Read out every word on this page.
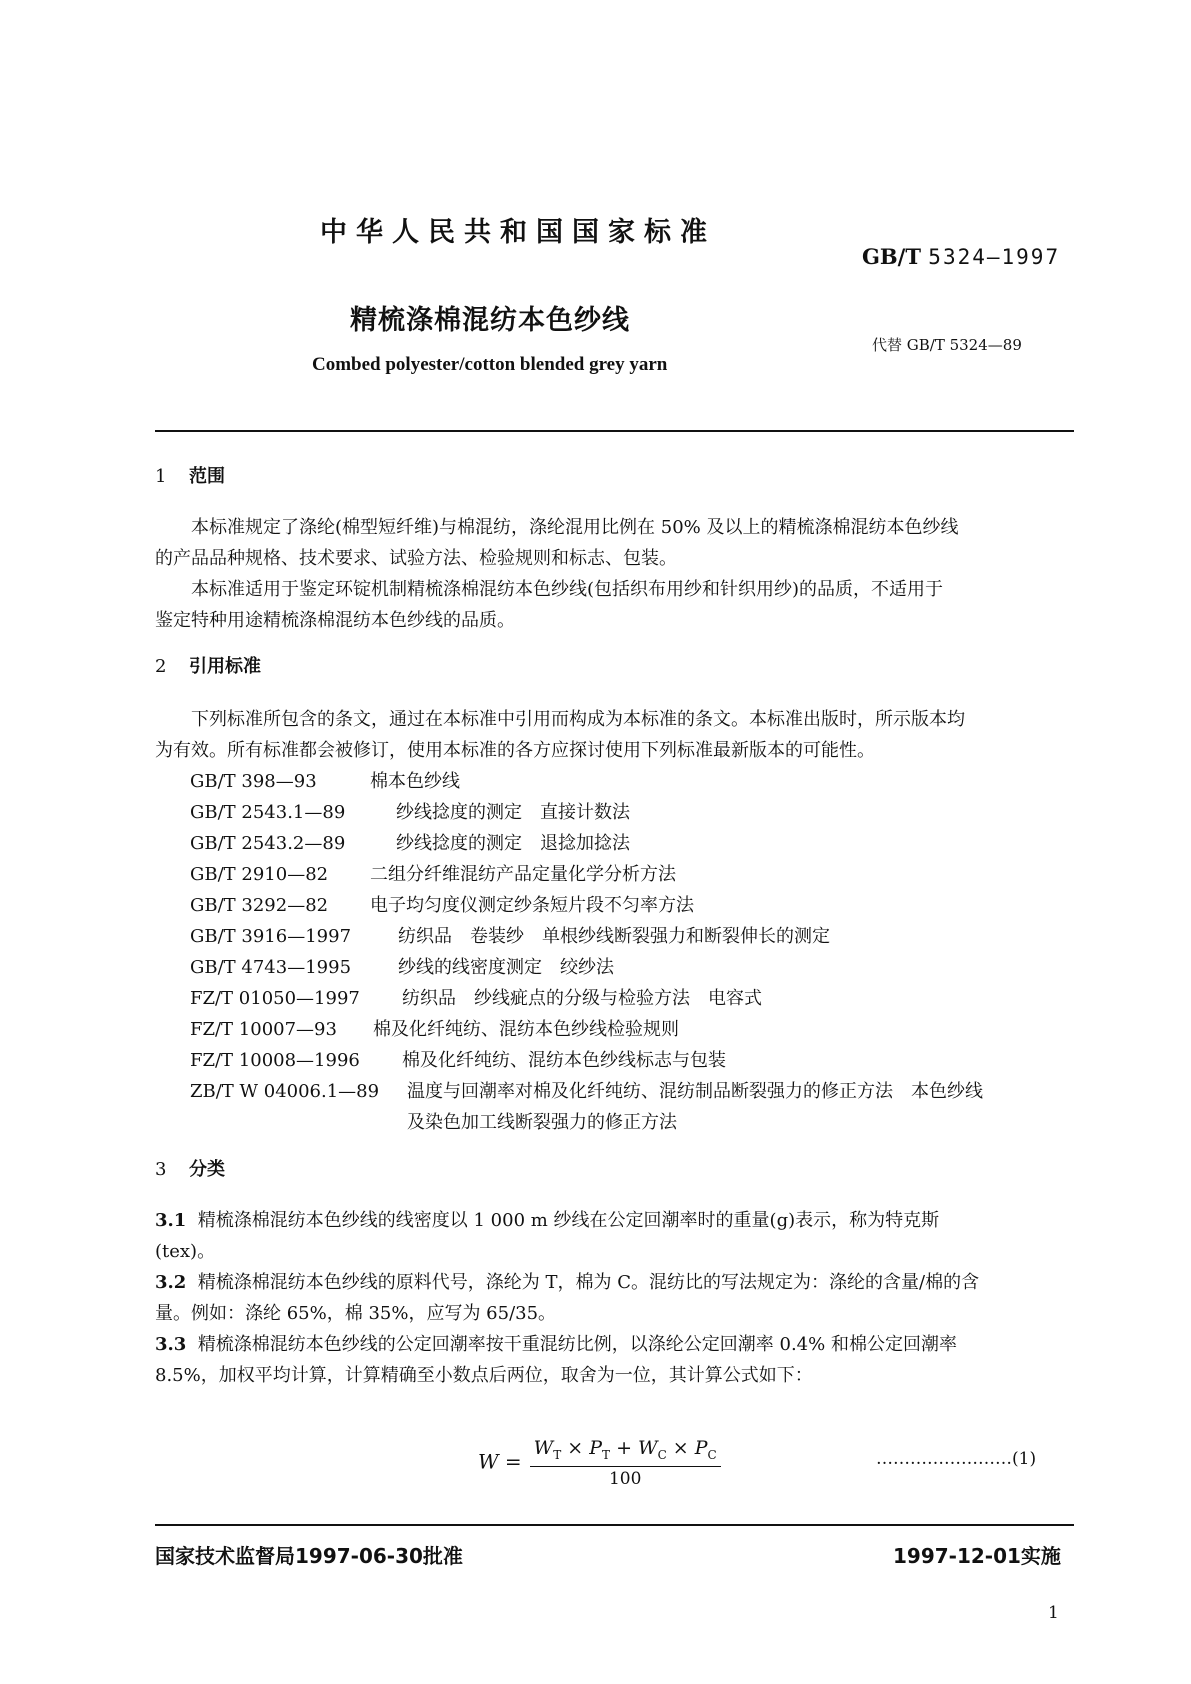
中华人民共和国国家标准
GB/T 5324—1997
精梳涤棉混纺本色纱线
代替 GB/T 5324—89
Combed polyester/cotton blended grey yarn
1 范围
本标准规定了涤纶(棉型短纤维)与棉混纺，涤纶混用比例在 50% 及以上的精梳涤棉混纺本色纱线
的产品品种规格、技术要求、试验方法、检验规则和标志、包装。
本标准适用于鉴定环锭机制精梳涤棉混纺本色纱线(包括织布用纱和针织用纱)的品质，不适用于
鉴定特种用途精梳涤棉混纺本色纱线的品质。
2 引用标准
下列标准所包含的条文，通过在本标准中引用而构成为本标准的条文。本标准出版时，所示版本均
为有效。所有标准都会被修订，使用本标准的各方应探讨使用下列标准最新版本的可能性。
GB/T 398—93	棉本色纱线
GB/T 2543.1—89	纱线捻度的测定　直接计数法
GB/T 2543.2—89	纱线捻度的测定　退捻加捻法
GB/T 2910—82 二组分纤维混纺产品定量化学分析方法
GB/T 3292—82 电子均匀度仪测定纱条短片段不匀率方法
GB/T 3916—1997	纺织品　卷装纱　单根纱线断裂强力和断裂伸长的测定
GB/T 4743—1995	纱线的线密度测定　绞纱法
FZ/T 01050—1997 纺织品　纱线疵点的分级与检验方法　电容式
FZ/T 10007—93 棉及化纤纯纺、混纺本色纱线检验规则
FZ/T 10008—1996 棉及化纤纯纺、混纺本色纱线标志与包装
ZB/T W 04006.1—89 温度与回潮率对棉及化纤纯纺、混纺制品断裂强力的修正方法　本色纱线
及染色加工线断裂强力的修正方法
3 分类
3.1 精梳涤棉混纺本色纱线的线密度以 1 000 m 纱线在公定回潮率时的重量(g)表示，称为特克斯
(tex)。
3.2 精梳涤棉混纺本色纱线的原料代号，涤纶为 T，棉为 C。混纺比的写法规定为：涤纶的含量/棉的含
量。例如：涤纶 65%，棉 35%，应写为 65/35。
3.3 精梳涤棉混纺本色纱线的公定回潮率按干重混纺比例，以涤纶公定回潮率 0.4% 和棉公定回潮率
8.5%，加权平均计算，计算精确至小数点后两位，取舍为一位，其计算公式如下：
$W = \frac{W_T \times P_T + W_C \times P_C}{100}$	……………………(1)
国家技术监督局1997-06-30批准	1997-12-01实施
1
